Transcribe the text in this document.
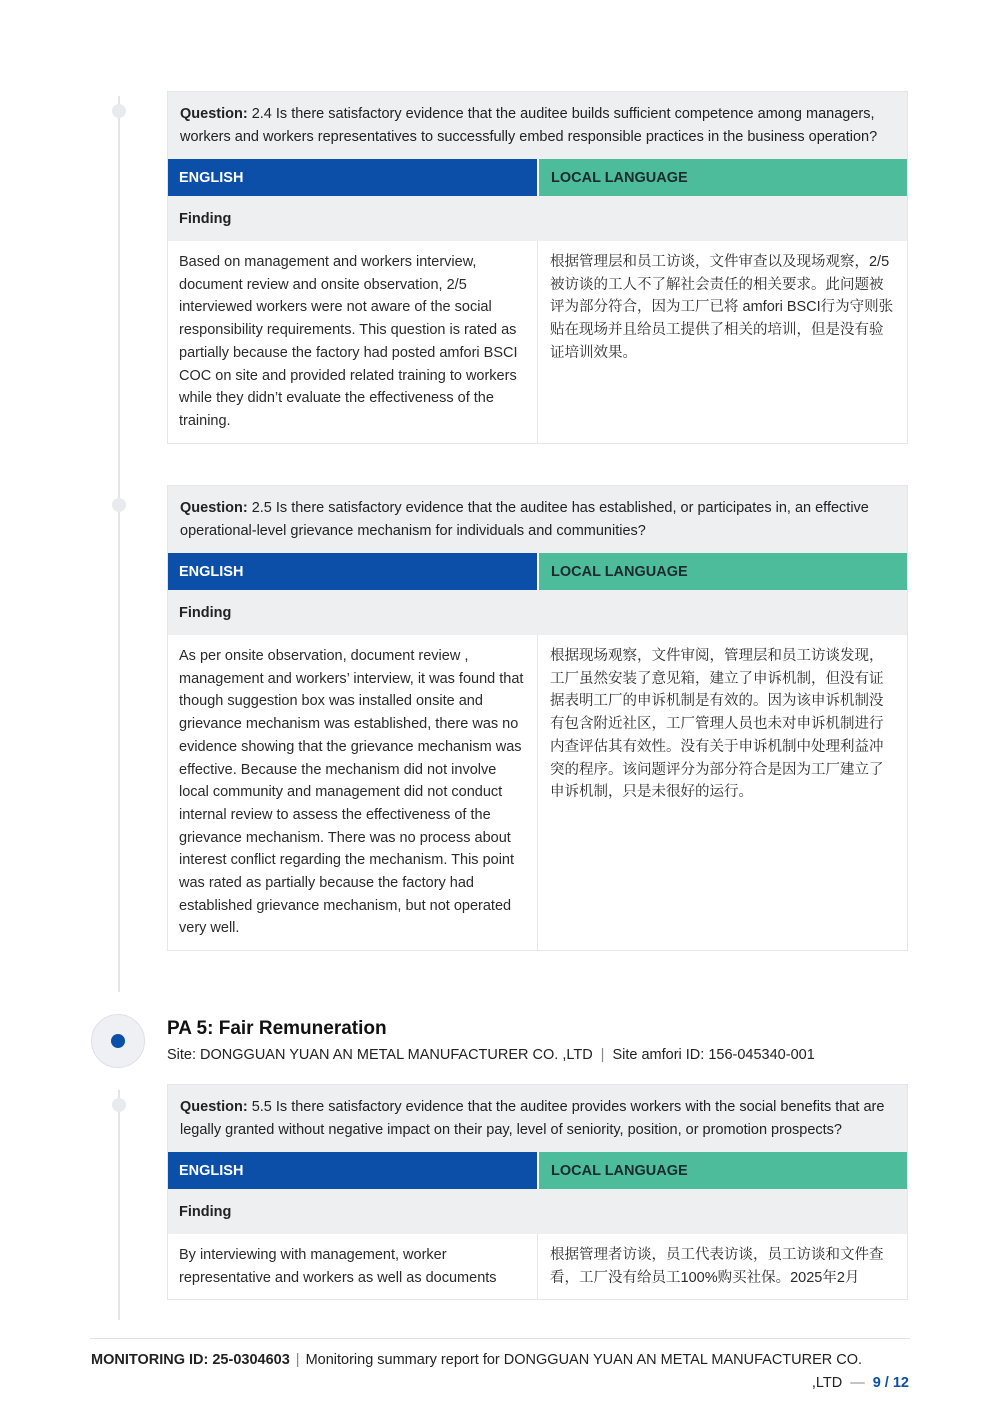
Question: 2.4 Is there satisfactory evidence that the auditee builds sufficient competence among managers, workers and workers representatives to successfully embed responsible practices in the business operation?
ENGLISH	LOCAL LANGUAGE
Finding
Based on management and workers interview, document review and onsite observation, 2/5 interviewed workers were not aware of the social responsibility requirements. This question is rated as partially because the factory had posted amfori BSCI COC on site and provided related training to workers while they didn’t evaluate the effectiveness of the training.
根据管理层和员工访谈，文件审查以及现场观察，2/5被访谈的工人不了解社会责任的相关要求。此问题被评为部分符合，因为工厂已将 amfori BSCI行为守则张贴在现场并且给员工提供了相关的培训，但是没有验证培训效果。
Question: 2.5 Is there satisfactory evidence that the auditee has established, or participates in, an effective operational-level grievance mechanism for individuals and communities?
ENGLISH	LOCAL LANGUAGE
Finding
As per onsite observation, document review , management and workers’ interview, it was found that though suggestion box was installed onsite and grievance mechanism was established, there was no evidence showing that the grievance mechanism was effective. Because the mechanism did not involve local community and management did not conduct
internal review to assess the effectiveness of the grievance mechanism. There was no process about interest conflict regarding the mechanism. This point was rated as partially because the factory had established grievance mechanism, but not operated very well.
根据现场观察，文件审阅，管理层和员工访谈发现，工厂虽然安装了意见箱，建立了申诉机制，但没有证据表明工厂的申诉机制是有效的。因为该申诉机制没有包含附近社区，工厂管理人员也未对申诉机制进行内查评估其有效性。没有关于申诉机制中处理利益冲突的程序。该问题评分为部分符合是因为工厂建立了申诉机制，只是未很好的运行。
PA 5: Fair Remuneration
Site: DONGGUAN YUAN AN METAL MANUFACTURER CO. ,LTD | Site amfori ID: 156-045340-001
Question: 5.5 Is there satisfactory evidence that the auditee provides workers with the social benefits that are legally granted without negative impact on their pay, level of seniority, position, or promotion prospects?
ENGLISH	LOCAL LANGUAGE
Finding
By interviewing with management, worker representative and workers as well as documents
根据管理者访谈，员工代表访谈，员工访谈和文件查看，工厂没有给员工100%购买社保。2025年2月
MONITORING ID: 25-0304603 | Monitoring summary report for DONGGUAN YUAN AN METAL MANUFACTURER CO.
,LTD — 9 / 12
